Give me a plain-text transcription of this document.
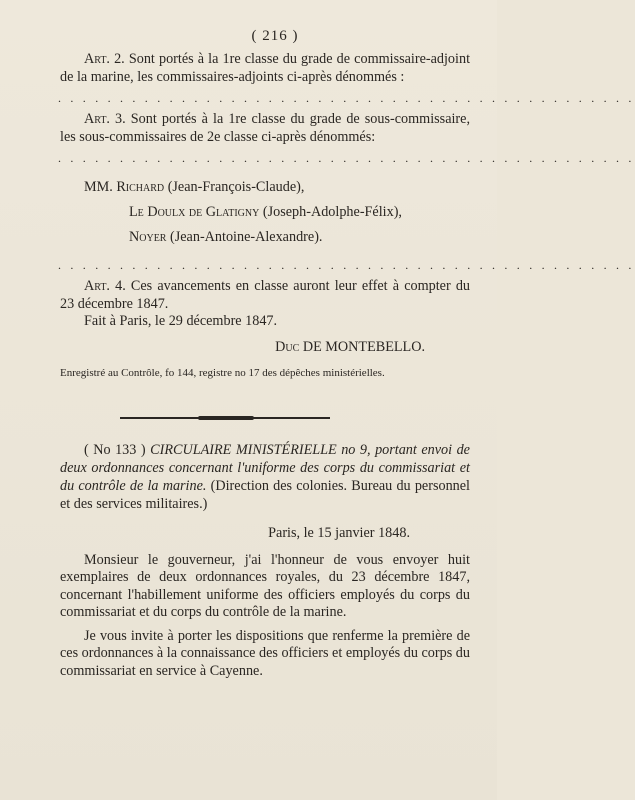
( 216 )

Art. 2. Sont portés à la 1re classe du grade de commissaire-adjoint de la marine, les commissaires-adjoints ci-après dénommés :

. . . . . . . . . . . . . . . . . . . . . . . . . . . . . . . . . . . . . . . . . . . . . . .

Art. 3. Sont portés à la 1re classe du grade de sous-commissaire, les sous-commissaires de 2e classe ci-après dénommés:

. . . . . . . . . . . . . . . . . . . . . . . . . . . . . . . . . . . . . . . . . . . . . . .
MM. Richard (Jean-François-Claude),
Le Doulx de Glatigny (Joseph-Adolphe-Félix),
Noyer (Jean-Antoine-Alexandre).
. . . . . . . . . . . . . . . . . . . . . . . . . . . . . . . . . . . . . . . . . . . . . . .

Art. 4. Ces avancements en classe auront leur effet à compter du 23 décembre 1847.

Fait à Paris, le 29 décembre 1847.

Duc DE MONTEBELLO.
Enregistré au Contrôle, fo 144, registre no 17 des dépêches ministérielles.

( No 133 ) CIRCULAIRE MINISTÉRIELLE no 9, portant envoi de deux ordonnances concernant l'uniforme des corps du commissariat et du contrôle de la marine. (Direction des colonies. Bureau du personnel et des services militaires.)

Paris, le 15 janvier 1848.

Monsieur le gouverneur, j'ai l'honneur de vous envoyer huit exemplaires de deux ordonnances royales, du 23 décembre 1847, concernant l'habillement uniforme des officiers employés du corps du commissariat et du corps du contrôle de la marine.

Je vous invite à porter les dispositions que renferme la première de ces ordonnances à la connaissance des officiers et employés du corps du commissariat en service à Cayenne.
